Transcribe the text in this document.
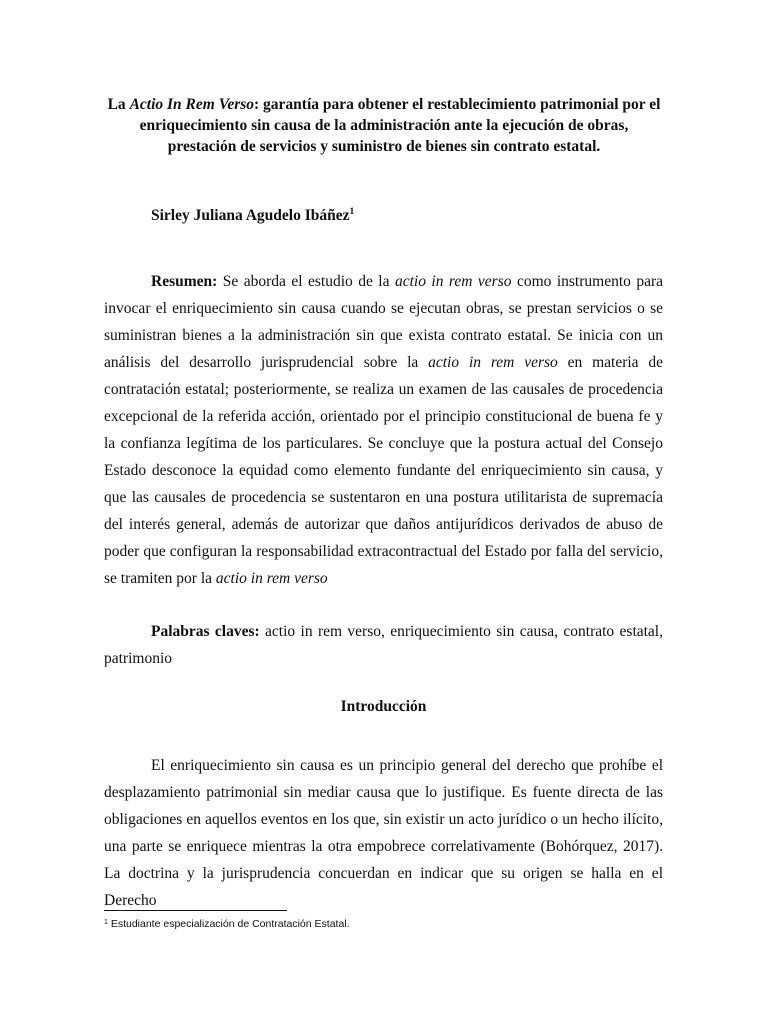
La Actio In Rem Verso: garantía para obtener el restablecimiento patrimonial por el enriquecimiento sin causa de la administración ante la ejecución de obras, prestación de servicios y suministro de bienes sin contrato estatal.

Sirley Juliana Agudelo Ibáñez$^1$

Resumen: Se aborda el estudio de la actio in rem verso como instrumento para invocar el enriquecimiento sin causa cuando se ejecutan obras, se prestan servicios o se suministran bienes a la administración sin que exista contrato estatal. Se inicia con un análisis del desarrollo jurisprudencial sobre la actio in rem verso en materia de contratación estatal; posteriormente, se realiza un examen de las causales de procedencia excepcional de la referida acción, orientado por el principio constitucional de buena fe y la confianza legítima de los particulares. Se concluye que la postura actual del Consejo Estado desconoce la equidad como elemento fundante del enriquecimiento sin causa, y que las causales de procedencia se sustentaron en una postura utilitarista de supremacía del interés general, además de autorizar que daños antijurídicos derivados de abuso de poder que configuran la responsabilidad extracontractual del Estado por falla del servicio, se tramiten por la actio in rem verso

Palabras claves: actio in rem verso, enriquecimiento sin causa, contrato estatal, patrimonio

Introducción

El enriquecimiento sin causa es un principio general del derecho que prohíbe el desplazamiento patrimonial sin mediar causa que lo justifique. Es fuente directa de las obligaciones en aquellos eventos en los que, sin existir un acto jurídico o un hecho ilícito, una parte se enriquece mientras la otra empobrece correlativamente (Bohórquez, 2017). La doctrina y la jurisprudencia concuerdan en indicar que su origen se halla en el Derecho

$^1$ Estudiante especialización de Contratación Estatal.
